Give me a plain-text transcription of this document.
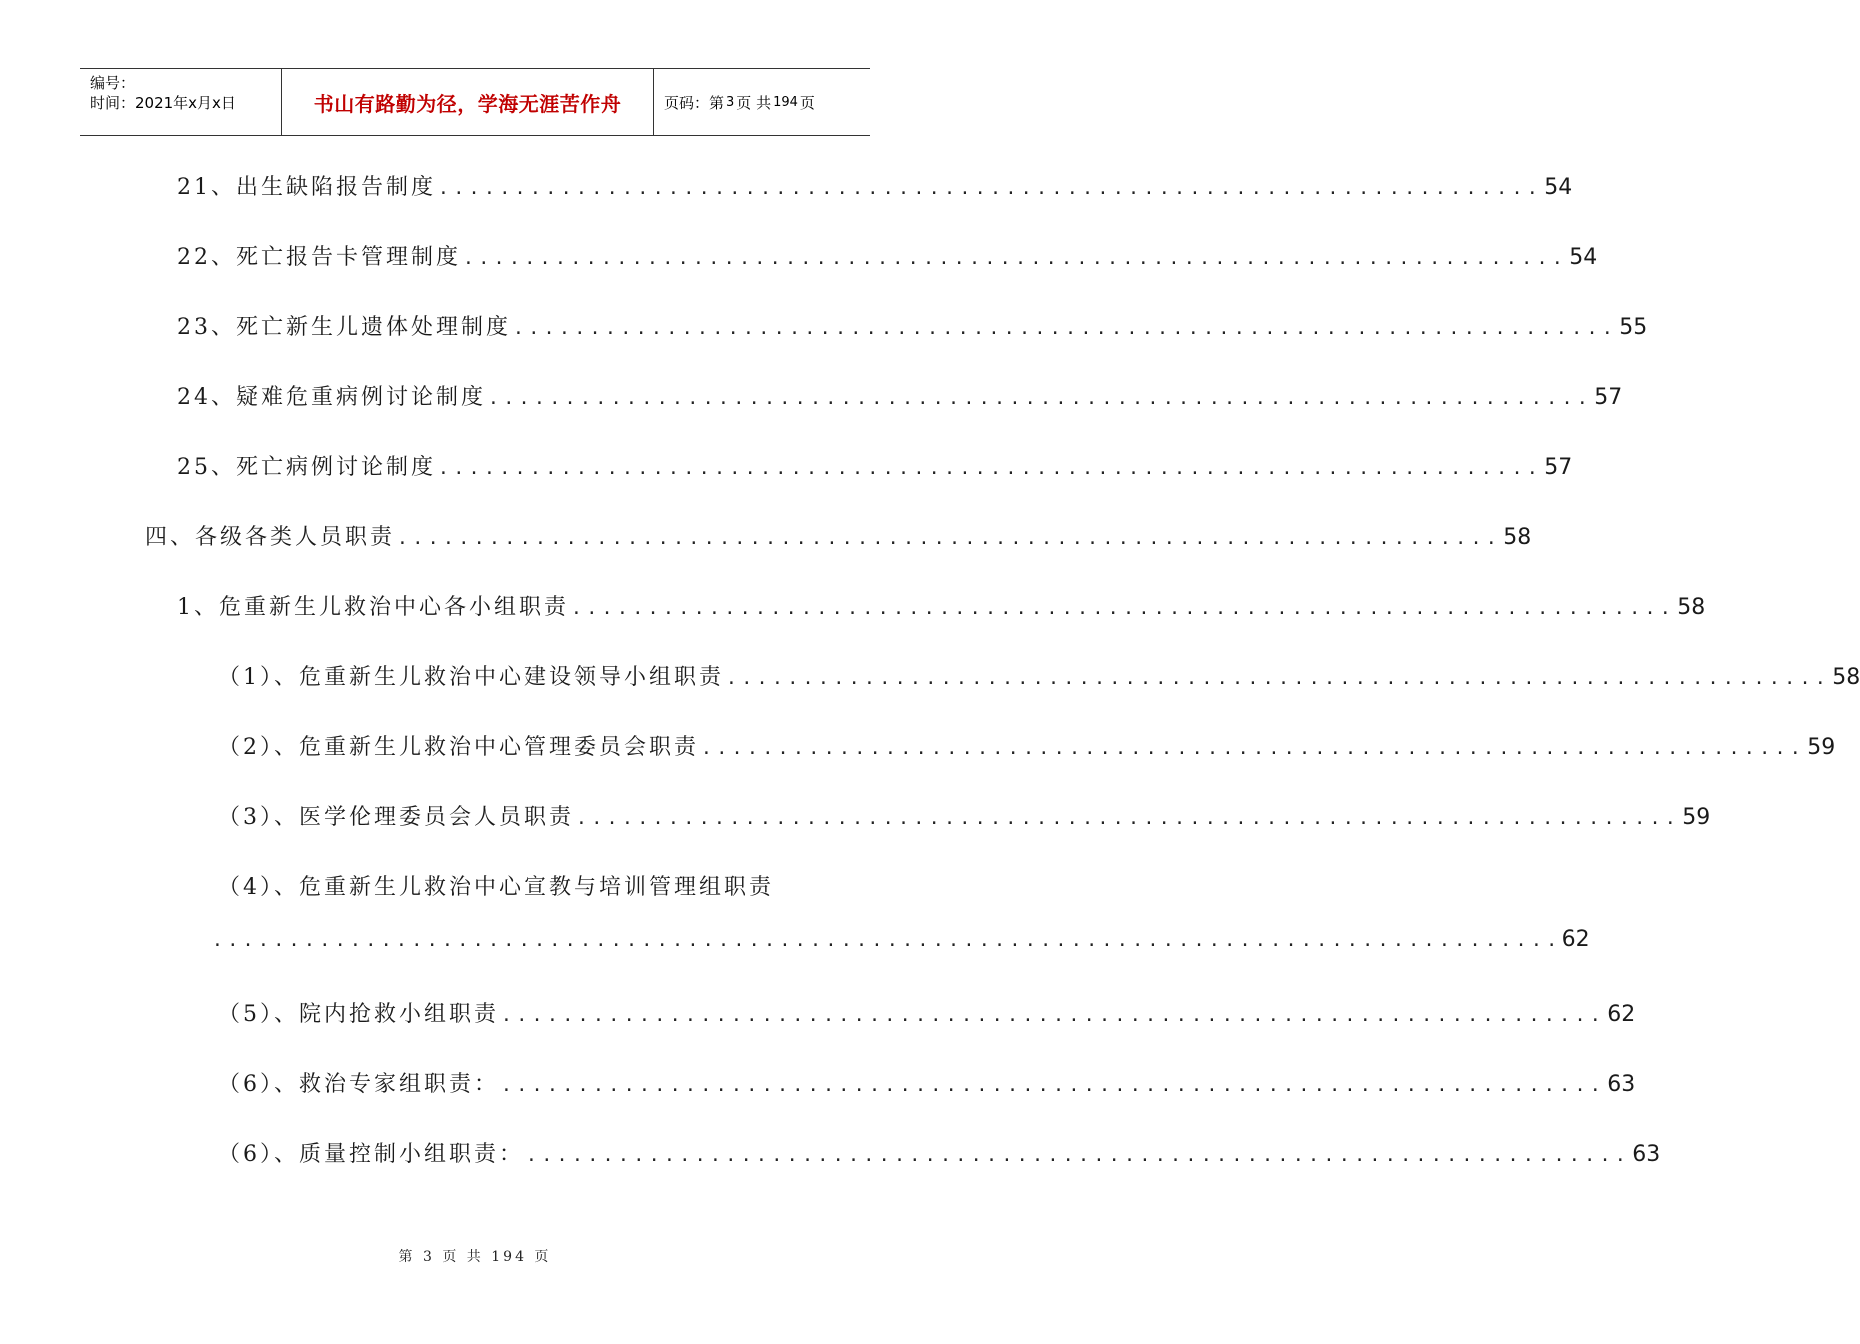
编号：
时间：2021年x月x日	书山有路勤为径，学海无涯苦作舟	页码：第 3 页 共 194 页
21、出生缺陷报告制度 ........................................................................ 54
22、死亡报告卡管理制度 ........................................................................ 54
23、死亡新生儿遗体处理制度 ........................................................................ 55
24、疑难危重病例讨论制度 ........................................................................ 57
25、死亡病例讨论制度 ........................................................................ 57
四、各级各类人员职责 ........................................................................ 58
1、危重新生儿救治中心各小组职责 ........................................................................ 58
（1）、危重新生儿救治中心建设领导小组职责 ........................................................................ 58
（2）、危重新生儿救治中心管理委员会职责 ........................................................................ 59
（3）、医学伦理委员会人员职责 ........................................................................ 59
（4）、危重新生儿救治中心宣教与培训管理组职责
........................................................................................ 62
（5）、院内抢救小组职责 ........................................................................ 62
（6）、救治专家组职责： ........................................................................ 63
（6）、质量控制小组职责： ........................................................................ 63
第 3 页 共 194 页
